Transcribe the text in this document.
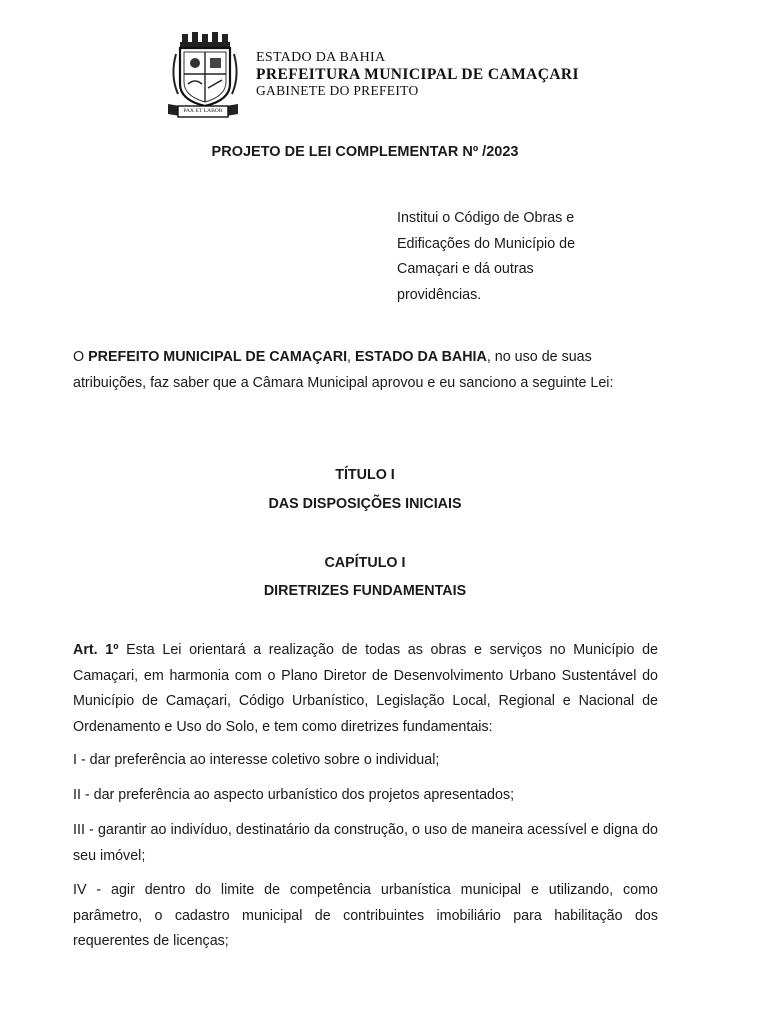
PAX ET LABOR
ESTADO DA BAHIA
PREFEITURA MUNICIPAL DE CAMAÇARI
GABINETE DO PREFEITO
PROJETO DE LEI COMPLEMENTAR Nº /2023
Institui o Código de Obras e
Edificações do Município de
Camaçari e dá outras
providências.
O PREFEITO MUNICIPAL DE CAMAÇARI, ESTADO DA BAHIA, no uso de suas atribuições, faz saber que a Câmara Municipal aprovou e eu sanciono a seguinte Lei:
TÍTULO I
DAS DISPOSIÇÕES INICIAIS
CAPÍTULO I
DIRETRIZES FUNDAMENTAIS
Art. 1º Esta Lei orientará a realização de todas as obras e serviços no Município de Camaçari, em harmonia com o Plano Diretor de Desenvolvimento Urbano Sustentável do Município de Camaçari, Código Urbanístico, Legislação Local, Regional e Nacional de Ordenamento e Uso do Solo, e tem como diretrizes fundamentais:
I - dar preferência ao interesse coletivo sobre o individual;
II - dar preferência ao aspecto urbanístico dos projetos apresentados;
III - garantir ao indivíduo, destinatário da construção, o uso de maneira acessível e digna do seu imóvel;
IV - agir dentro do limite de competência urbanística municipal e utilizando, como parâmetro, o cadastro municipal de contribuintes imobiliário para habilitação dos requerentes de licenças;
